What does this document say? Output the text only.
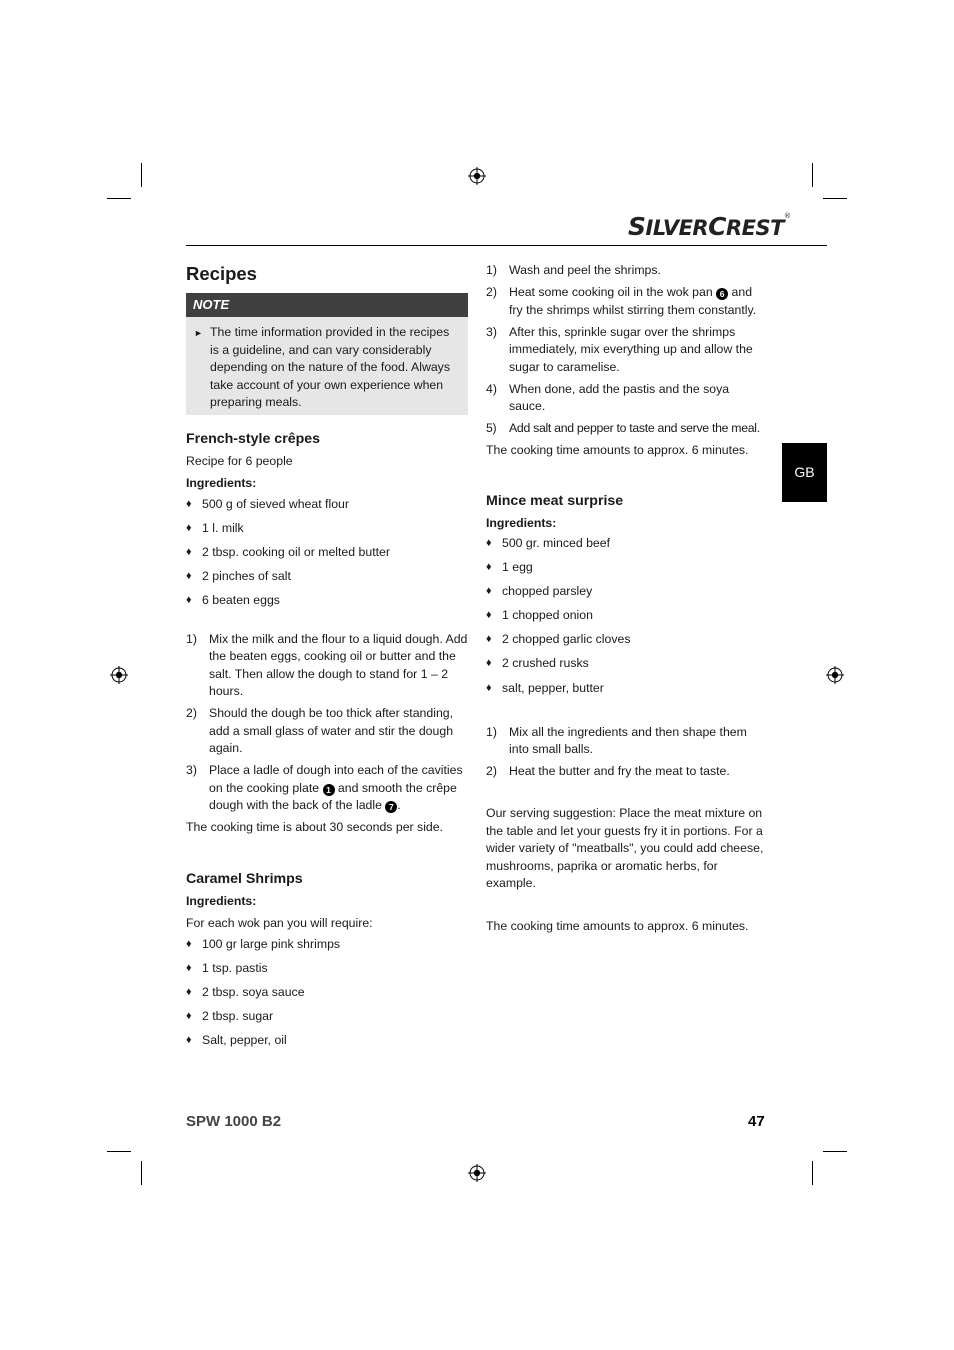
SILVERCREST®
GB
Recipes
NOTE
► The time information provided in the recipes is a guideline, and can vary considerably depending on the nature of the food. Always take account of your own experience when preparing meals.
French-style crêpes

Recipe for 6 people

Ingredients:

♦ 500 g of sieved wheat flour
♦ 1 l. milk
♦ 2 tbsp. cooking oil or melted butter
♦ 2 pinches of salt
♦ 6 beaten eggs
1) Mix the milk and the flour to a liquid dough. Add the beaten eggs, cooking oil or butter and the salt. Then allow the dough to stand for 1 – 2 hours.
2) Should the dough be too thick after standing, add a small glass of water and stir the dough again.
3) Place a ladle of dough into each of the cavities on the cooking plate 1 and smooth the crêpe dough with the back of the ladle 7 .

The cooking time is about 30 seconds per side.

Caramel Shrimps

Ingredients:

For each wok pan you will require:

♦ 100 gr large pink shrimps
♦ 1 tsp. pastis
♦ 2 tbsp. soya sauce
♦ 2 tbsp. sugar
♦ Salt, pepper, oil
1) Wash and peel the shrimps.
2) Heat some cooking oil in the wok pan 6 and fry the shrimps whilst stirring them constantly.
3) After this, sprinkle sugar over the shrimps immediately, mix everything up and allow the sugar to caramelise.
4) When done, add the pastis and the soya sauce.
5) Add salt and pepper to taste and serve the meal.

The cooking time amounts to approx. 6 minutes.

Mince meat surprise

Ingredients:

♦ 500 gr. minced beef
♦ 1 egg
♦ chopped parsley
♦ 1 chopped onion
♦ 2 chopped garlic cloves
♦ 2 crushed rusks
♦ salt, pepper, butter
1) Mix all the ingredients and then shape them into small balls.
2) Heat the butter and fry the meat to taste.

Our serving suggestion: Place the meat mixture on the table and let your guests fry it in portions. For a wider variety of "meatballs", you could add cheese, mushrooms, paprika or aromatic herbs, for example.

The cooking time amounts to approx. 6 minutes.

SPW 1000 B2	47
